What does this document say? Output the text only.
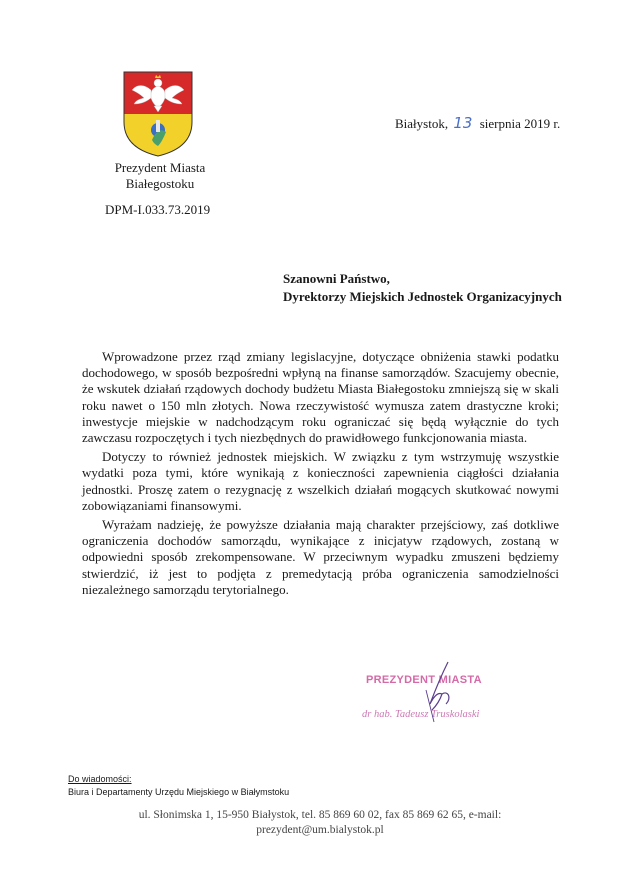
Prezydent Miasta
Białegostoku
DPM-I.033.73.2019
Białystok, 13 sierpnia 2019 r.
Szanowni Państwo,
Dyrektorzy Miejskich Jednostek Organizacyjnych

Wprowadzone przez rząd zmiany legislacyjne, dotyczące obniżenia stawki podatku dochodowego, w sposób bezpośredni wpłyną na finanse samorządów. Szacujemy obecnie, że wskutek działań rządowych dochody budżetu Miasta Białegostoku zmniejszą się w skali roku nawet o 150 mln złotych. Nowa rzeczywistość wymusza zatem drastyczne kroki; inwestycje miejskie w nadchodzącym roku ograniczać się będą wyłącznie do tych zawczasu rozpoczętych i tych niezbędnych do prawidłowego funkcjonowania miasta.

Dotyczy to również jednostek miejskich. W związku z tym wstrzymuję wszystkie wydatki poza tymi, które wynikają z konieczności zapewnienia ciągłości działania jednostki. Proszę zatem o rezygnację z wszelkich działań mogących skutkować nowymi zobowiązaniami finansowymi.

Wyrażam nadzieję, że powyższe działania mają charakter przejściowy, zaś dotkliwe ograniczenia dochodów samorządu, wynikające z inicjatyw rządowych, zostaną w odpowiedni sposób zrekompensowane. W przeciwnym wypadku zmuszeni będziemy stwierdzić, iż jest to podjęta z premedytacją próba ograniczenia samodzielności niezależnego samorządu terytorialnego.

PREZYDENT MIASTA
dr hab. Tadeusz Truskolaski
Do wiadomości:
Biura i Departamenty Urzędu Miejskiego w Białymstoku
ul. Słonimska 1, 15-950 Białystok, tel. 85 869 60 02, fax 85 869 62 65, e-mail:
prezydent@um.bialystok.pl
